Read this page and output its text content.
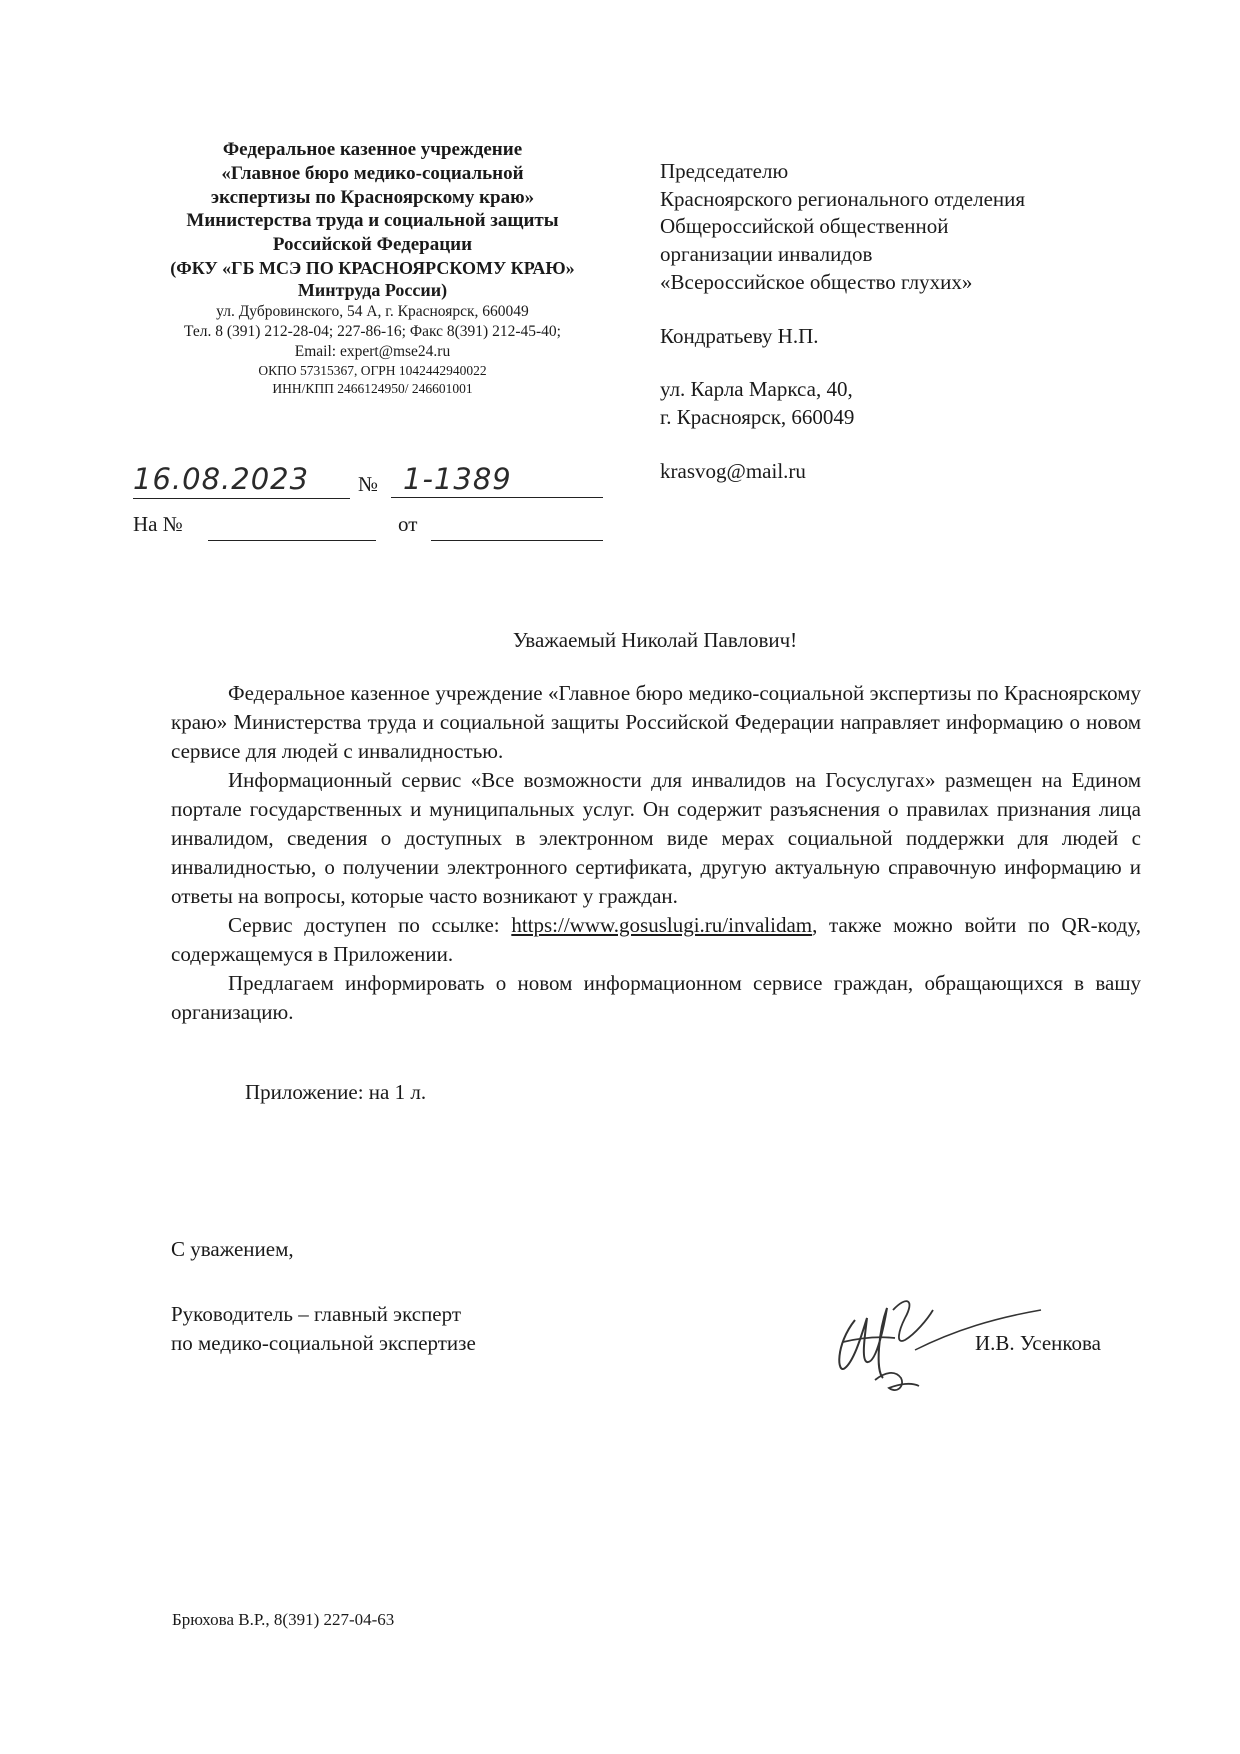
Федеральное казенное учреждение

«Главное бюро медико-социальной

экспертизы по Красноярскому краю»

Министерства труда и социальной защиты

Российской Федерации

(ФКУ «ГБ МСЭ ПО КРАСНОЯРСКОМУ КРАЮ»

Минтруда России)

ул. Дубровинского, 54 А, г. Красноярск, 660049

Тел. 8 (391) 212-28-04; 227-86-16; Факс 8(391) 212-45-40;

Email: expert@mse24.ru

ОКПО 57315367, ОГРН 1042442940022

ИНН/КПП 2466124950/ 246601001

Председателю

Красноярского регионального отделения

Общероссийской общественной

организации инвалидов

«Всероссийское общество глухих»

Кондратьеву Н.П.

ул. Карла Маркса, 40,

г. Красноярск, 660049

krasvog@mail.ru

16.08.2023	№ 1-1389
На №	от
Уважаемый Николай Павлович!

Федеральное казенное учреждение «Главное бюро медико-социальной экспертизы по Красноярскому краю» Министерства труда и социальной защиты Российской Федерации направляет информацию о новом сервисе для людей с инвалидностью.

Информационный сервис «Все возможности для инвалидов на Госуслугах» размещен на Едином портале государственных и муниципальных услуг. Он содержит разъяснения о правилах признания лица инвалидом, сведения о доступных в электронном виде мерах социальной поддержки для людей с инвалидностью, о получении электронного сертификата, другую актуальную справочную информацию и ответы на вопросы, которые часто возникают у граждан.

Сервис доступен по ссылке: https://www.gosuslugi.ru/invalidam, также можно войти по QR-коду, содержащемуся в Приложении.

Предлагаем информировать о новом информационном сервисе граждан, обращающихся в вашу организацию.

Приложение: на 1 л.
С уважением,

Руководитель – главный эксперт

по медико-социальной экспертизе	И.В. Усенкова
Брюхова В.Р., 8(391) 227-04-63
